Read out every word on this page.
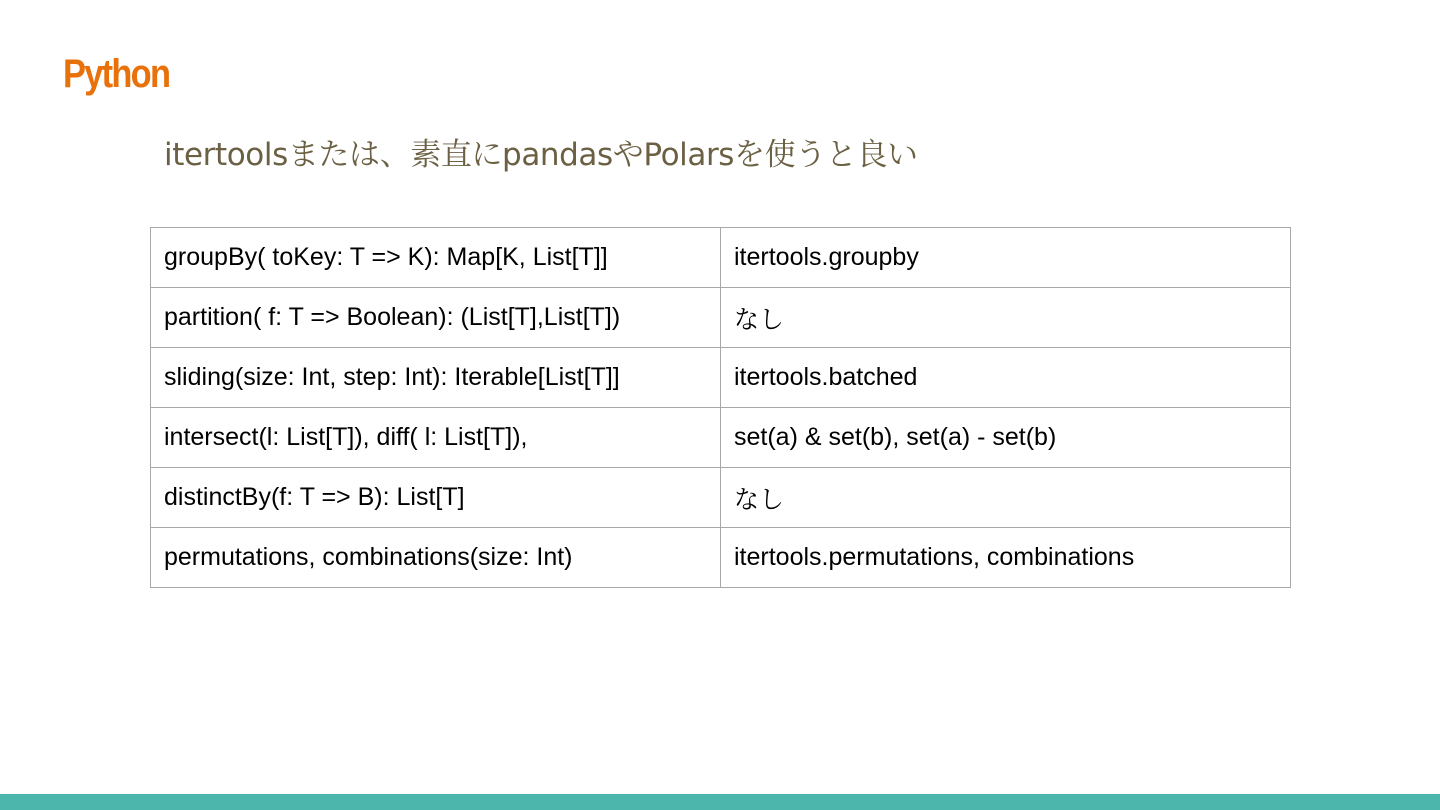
Python
itertoolsまたは、素直にpandasやPolarsを使うと良い
groupBy( toKey: T => K): Map[K, List[T]]	itertools.groupby
partition( f: T => Boolean): (List[T],List[T])	なし
sliding(size: Int, step: Int): Iterable[List[T]]	itertools.batched
intersect(l: List[T]), diff( l: List[T]),	set(a) & set(b), set(a) - set(b)
distinctBy(f: T => B): List[T]	なし
permutations, combinations(size: Int)	itertools.permutations, combinations
